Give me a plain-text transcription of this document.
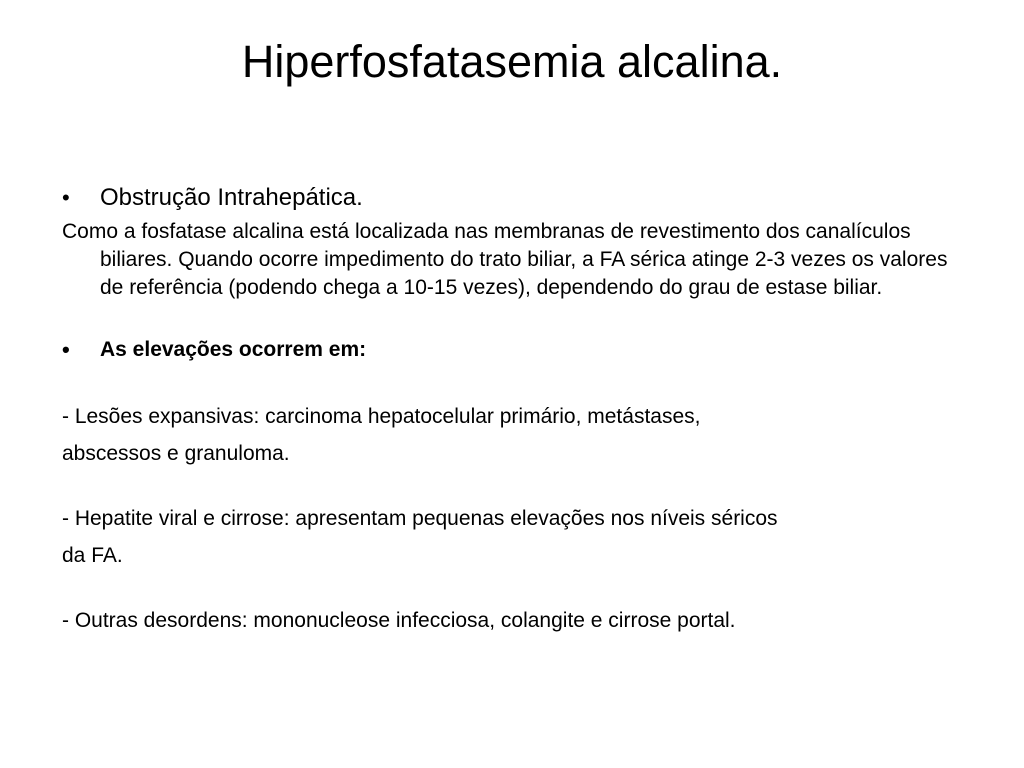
Hiperfosfatasemia alcalina.
•	Obstrução Intrahepática.
Como a fosfatase alcalina está localizada nas membranas de revestimento dos canalículos biliares. Quando ocorre impedimento do trato biliar, a FA sérica atinge 2-3 vezes os valores de referência (podendo chega a 10-15 vezes), dependendo do grau de estase biliar.
•	As elevações ocorrem em:
- Lesões expansivas: carcinoma hepatocelular primário, metástases,
abscessos e granuloma.
- Hepatite viral e cirrose: apresentam pequenas elevações nos níveis séricos
da FA.
- Outras desordens: mononucleose infecciosa, colangite e cirrose portal.
